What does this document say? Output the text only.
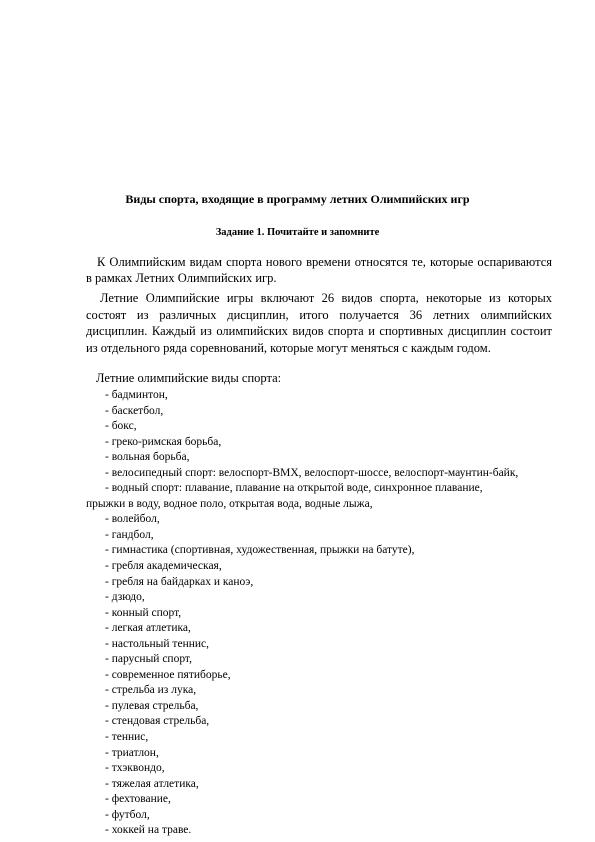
Виды спорта, входящие в программу летних Олимпийских игр
Задание 1. Почитайте и запомните

К Олимпийским видам спорта нового времени относятся те, которые оспариваются в рамках Летних Олимпийских игр.

Летние Олимпийские игры включают 26 видов спорта, некоторые из которых состоят из различных дисциплин, итого получается 36 летних олимпийских дисциплин. Каждый из олимпийских видов спорта и спортивных дисциплин состоит из отдельного ряда соревнований, которые могут меняться с каждым годом.

Летние олимпийские виды спорта:

- бадминтон,
- баскетбол,
- бокс,
- греко-римская борьба,
- вольная борьба,
- велосипедный спорт: велоспорт-BMX, велоспорт-шоссе, велоспорт-маунтин-байк,
- водный спорт: плавание, плавание на открытой воде, синхронное плавание,
прыжки в воду, водное поло, открытая вода, водные лыжа,
- волейбол,
- гандбол,
- гимнастика (спортивная, художественная, прыжки на батуте),
- гребля академическая,
- гребля на байдарках и каноэ,
- дзюдо,
- конный спорт,
- легкая атлетика,
- настольный теннис,
- парусный спорт,
- современное пятиборье,
- стрельба из лука,
- пулевая стрельба,
- стендовая стрельба,
- теннис,
- триатлон,
- тхэквондо,
- тяжелая атлетика,
- фехтование,
- футбол,
- хоккей на траве.
